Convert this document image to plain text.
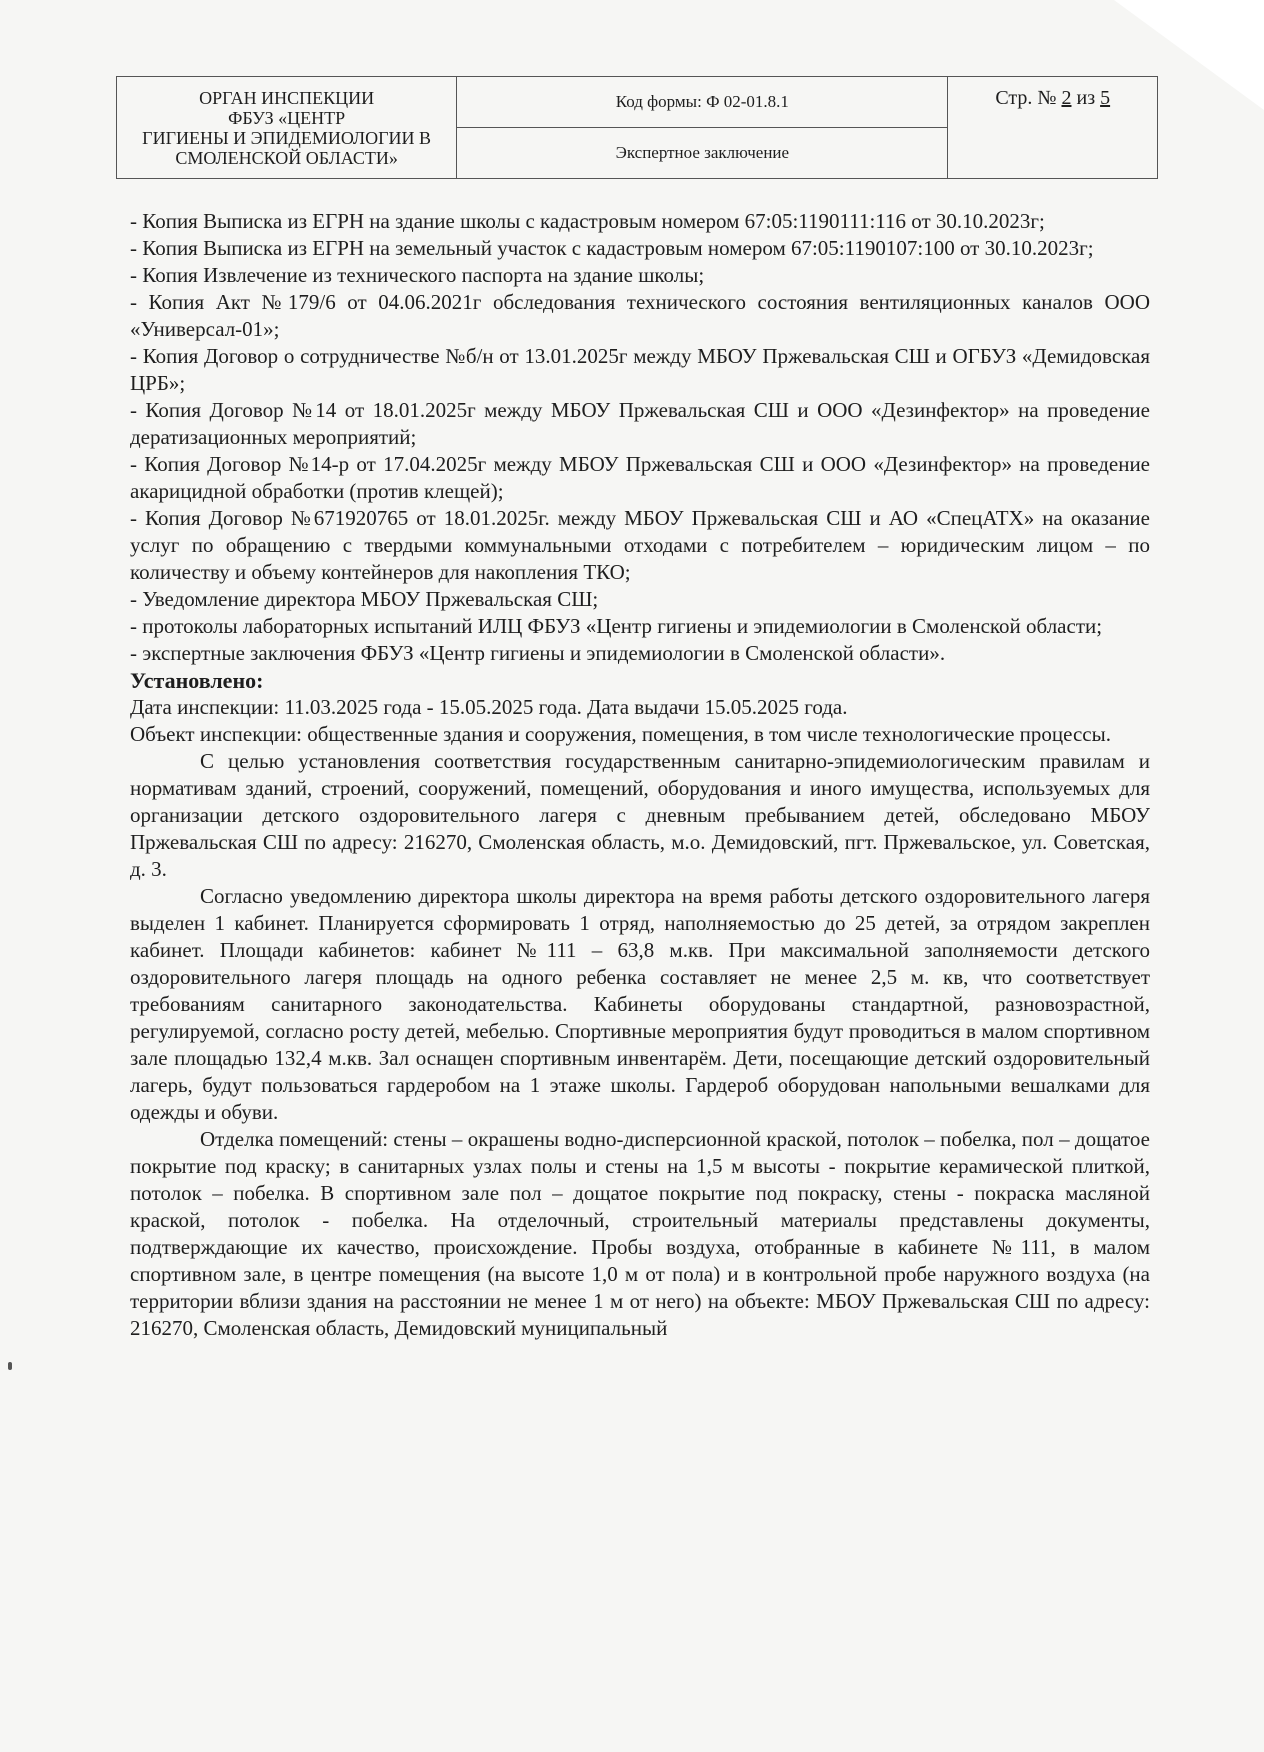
ОРГАН ИНСПЕКЦИИ
ФБУЗ «ЦЕНТР
ГИГИЕНЫ И ЭПИДЕМИОЛОГИИ В
СМОЛЕНСКОЙ ОБЛАСТИ»
	Код формы: Ф 02-01.8.1	Стр. № 2 из 5
Экспертное заключение

- Копия Выписка из ЕГРН на здание школы с кадастровым номером 67:05:1190111:116 от 30.10.2023г;

- Копия Выписка из ЕГРН на земельный участок с кадастровым номером 67:05:1190107:100 от 30.10.2023г;

- Копия Извлечение из технического паспорта на здание школы;

- Копия Акт №179/6 от 04.06.2021г обследования технического состояния вентиляционных каналов ООО «Универсал-01»;

- Копия Договор о сотрудничестве №б/н от 13.01.2025г между МБОУ Пржевальская СШ и ОГБУЗ «Демидовская ЦРБ»;

- Копия Договор №14 от 18.01.2025г между МБОУ Пржевальская СШ и ООО «Дезинфектор» на проведение дератизационных мероприятий;

- Копия Договор №14-р от 17.04.2025г между МБОУ Пржевальская СШ и ООО «Дезинфектор» на проведение акарицидной обработки (против клещей);

- Копия Договор №671920765 от 18.01.2025г. между МБОУ Пржевальская СШ и АО «СпецАТХ» на оказание услуг по обращению с твердыми коммунальными отходами с потребителем – юридическим лицом – по количеству и объему контейнеров для накопления ТКО;

- Уведомление директора МБОУ Пржевальская СШ;

- протоколы лабораторных испытаний ИЛЦ ФБУЗ «Центр гигиены и эпидемиологии в Смоленской области;

- экспертные заключения ФБУЗ «Центр гигиены и эпидемиологии в Смоленской области».

Установлено:

Дата инспекции: 11.03.2025 года - 15.05.2025 года. Дата выдачи 15.05.2025 года.

Объект инспекции: общественные здания и сооружения, помещения, в том числе технологические процессы.

С целью установления соответствия государственным санитарно-эпидемиологическим правилам и нормативам зданий, строений, сооружений, помещений, оборудования и иного имущества, используемых для организации детского оздоровительного лагеря с дневным пребыванием детей, обследовано МБОУ Пржевальская СШ по адресу: 216270, Смоленская область, м.о. Демидовский, пгт. Пржевальское, ул. Советская, д. 3.

Согласно уведомлению директора школы директора на время работы детского оздоровительного лагеря выделен 1 кабинет. Планируется сформировать 1 отряд, наполняемостью до 25 детей, за отрядом закреплен кабинет. Площади кабинетов: кабинет №111 – 63,8 м.кв. При максимальной заполняемости детского оздоровительного лагеря площадь на одного ребенка составляет не менее 2,5 м. кв, что соответствует требованиям санитарного законодательства. Кабинеты оборудованы стандартной, разновозрастной, регулируемой, согласно росту детей, мебелью. Спортивные мероприятия будут проводиться в малом спортивном зале площадью 132,4 м.кв. Зал оснащен спортивным инвентарём. Дети, посещающие детский оздоровительный лагерь, будут пользоваться гардеробом на 1 этаже школы. Гардероб оборудован напольными вешалками для одежды и обуви.

Отделка помещений: стены – окрашены водно-дисперсионной краской, потолок – побелка, пол – дощатое покрытие под краску; в санитарных узлах полы и стены на 1,5 м высоты - покрытие керамической плиткой, потолок – побелка. В спортивном зале пол – дощатое покрытие под покраску, стены - покраска масляной краской, потолок - побелка. На отделочный, строительный материалы представлены документы, подтверждающие их качество, происхождение. Пробы воздуха, отобранные в кабинете №111, в малом спортивном зале, в центре помещения (на высоте 1,0 м от пола) и в контрольной пробе наружного воздуха (на территории вблизи здания на расстоянии не менее 1 м от него) на объекте: МБОУ Пржевальская СШ по адресу: 216270, Смоленская область, Демидовский муниципальный
